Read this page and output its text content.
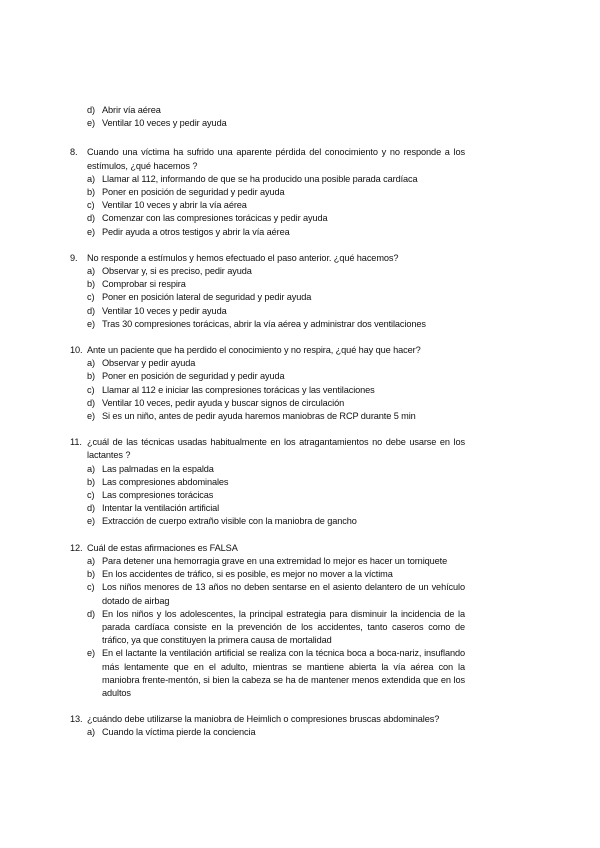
d) Abrir vía aérea
e) Ventilar 10 veces y pedir ayuda
8.	Cuando una víctima ha sufrido una aparente pérdida del conocimiento y no responde a los estímulos, ¿qué hacemos ?
a) Llamar al 112, informando de que se ha producido una posible parada cardíaca
b) Poner en posición de seguridad y pedir ayuda
c) Ventilar 10 veces y abrir la vía aérea
d) Comenzar con las compresiones torácicas y pedir ayuda
e) Pedir ayuda a otros testigos y abrir la vía aérea
9.	No responde a estímulos y hemos efectuado el paso anterior. ¿qué hacemos?
a) Observar y, si es preciso, pedir ayuda
b) Comprobar si respira
c) Poner en posición lateral de seguridad y pedir ayuda
d) Ventilar 10 veces y pedir ayuda
e) Tras 30 compresiones torácicas, abrir la vía aérea y administrar dos ventilaciones
10. Ante un paciente que ha perdido el conocimiento y no respira, ¿qué hay que hacer?
a) Observar y pedir ayuda
b) Poner en posición de seguridad y pedir ayuda
c) Llamar al 112 e iniciar las compresiones torácicas y las ventilaciones
d) Ventilar 10 veces, pedir ayuda y buscar signos de circulación
e) Si es un niño, antes de pedir ayuda haremos maniobras de RCP durante 5 min
11. ¿cuál de las técnicas usadas habitualmente en los atragantamientos no debe usarse en los lactantes ?
a) Las palmadas en la espalda
b) Las compresiones abdominales
c) Las compresiones torácicas
d) Intentar la ventilación artificial
e) Extracción de cuerpo extraño visible con la maniobra de gancho
12. Cuál de estas afirmaciones es FALSA
a) Para detener una hemorragia grave en una extremidad lo mejor es hacer un torniquete
b) En los accidentes de tráfico, si es posible, es mejor no mover a la víctima
c) Los niños menores de 13 años no deben sentarse en el asiento delantero de un vehículo dotado de airbag
d) En los niños y los adolescentes, la principal estrategia para disminuir la incidencia de la parada cardíaca consiste en la prevención de los accidentes, tanto caseros como de tráfico, ya que constituyen la primera causa de mortalidad
e) En el lactante la ventilación artificial se realiza con la técnica boca a boca-nariz, insuflando más lentamente que en el adulto, mientras se mantiene abierta la vía aérea con la maniobra frente-mentón, si bien la cabeza se ha de mantener menos extendida que en los adultos
13. ¿cuándo debe utilizarse la maniobra de Heimlich o compresiones bruscas abdominales?
a) Cuando la víctima pierde la conciencia
